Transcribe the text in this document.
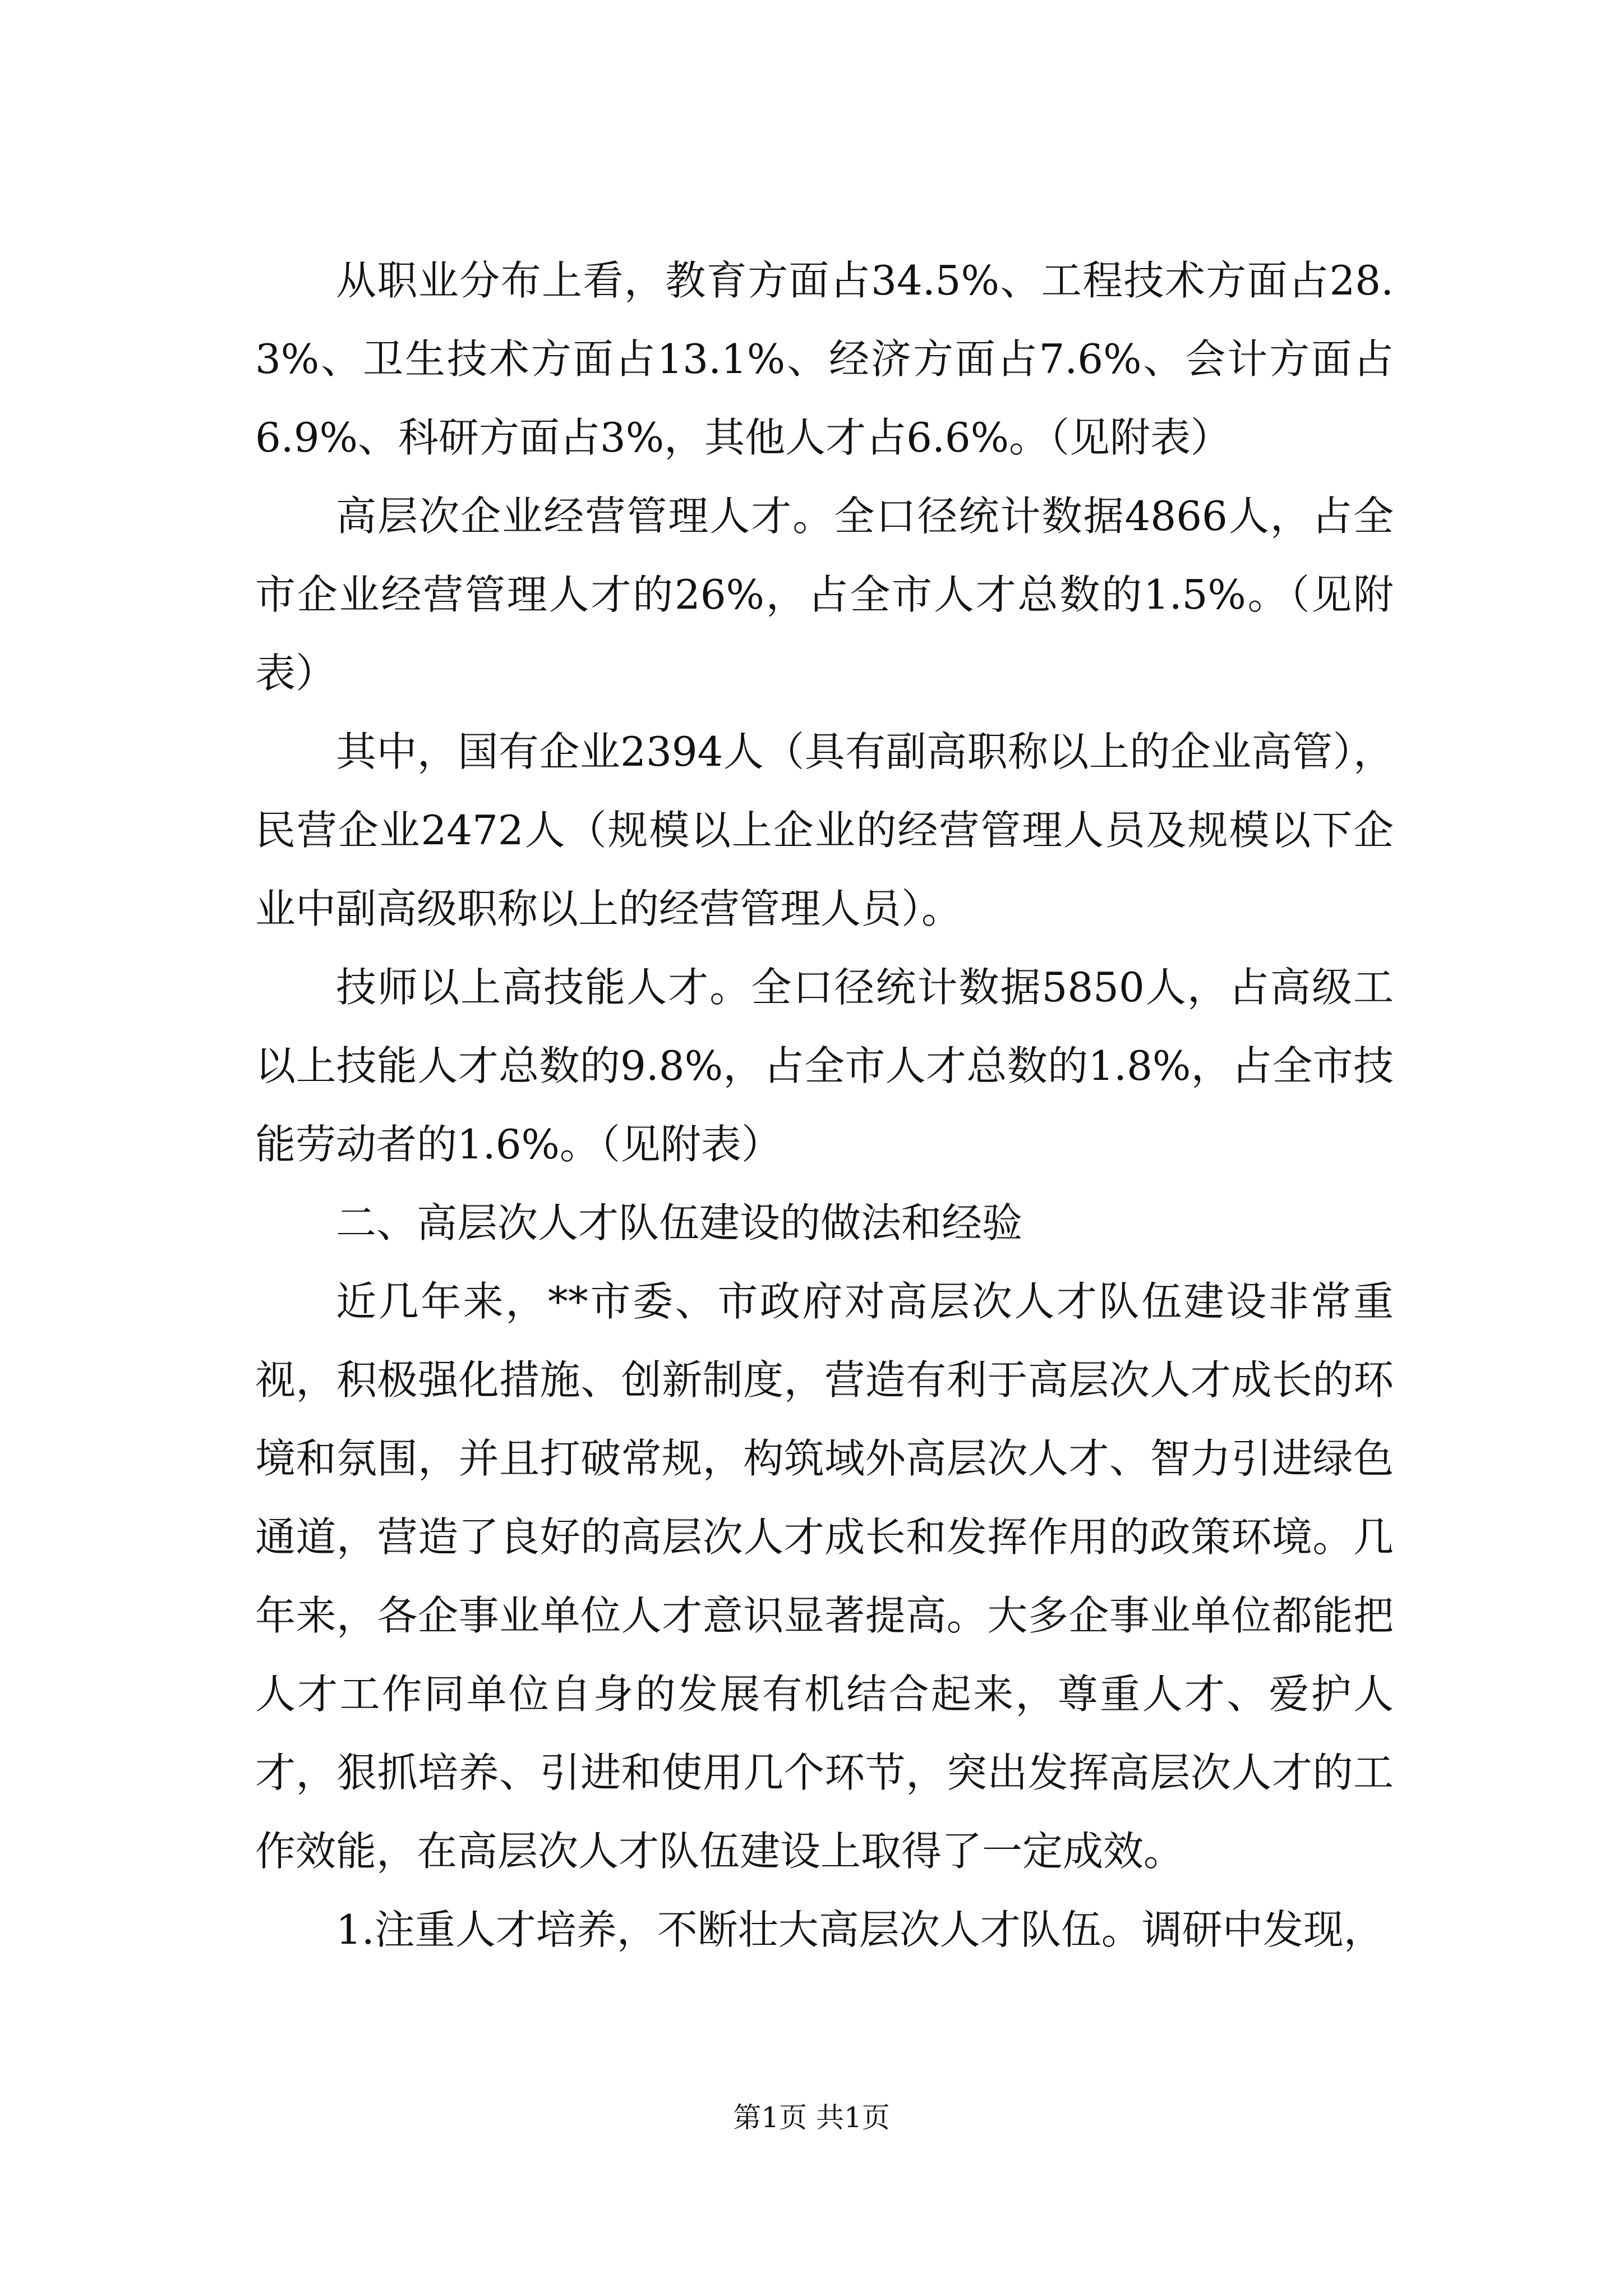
从职业分布上看，教育方面占34.5%、工程技术方面占28.3%、卫生技术方面占13.1%、经济方面占7.6%、会计方面占6.9%、科研方面占3%，其他人才占6.6%。（见附表）

高层次企业经营管理人才。全口径统计数据4866人，占全市企业经营管理人才的26%，占全市人才总数的1.5%。（见附表）

其中，国有企业2394人（具有副高职称以上的企业高管），民营企业2472人（规模以上企业的经营管理人员及规模以下企业中副高级职称以上的经营管理人员）。

技师以上高技能人才。全口径统计数据5850人，占高级工以上技能人才总数的9.8%，占全市人才总数的1.8%，占全市技能劳动者的1.6%。（见附表）

二、高层次人才队伍建设的做法和经验

近几年来，**市委、市政府对高层次人才队伍建设非常重视，积极强化措施、创新制度，营造有利于高层次人才成长的环境和氛围，并且打破常规，构筑域外高层次人才、智力引进绿色通道，营造了良好的高层次人才成长和发挥作用的政策环境。几年来，各企事业单位人才意识显著提高。大多企事业单位都能把人才工作同单位自身的发展有机结合起来，尊重人才、爱护人才，狠抓培养、引进和使用几个环节，突出发挥高层次人才的工作效能，在高层次人才队伍建设上取得了一定成效。

1.注重人才培养，不断壮大高层次人才队伍。调研中发现，

第1页 共1页
